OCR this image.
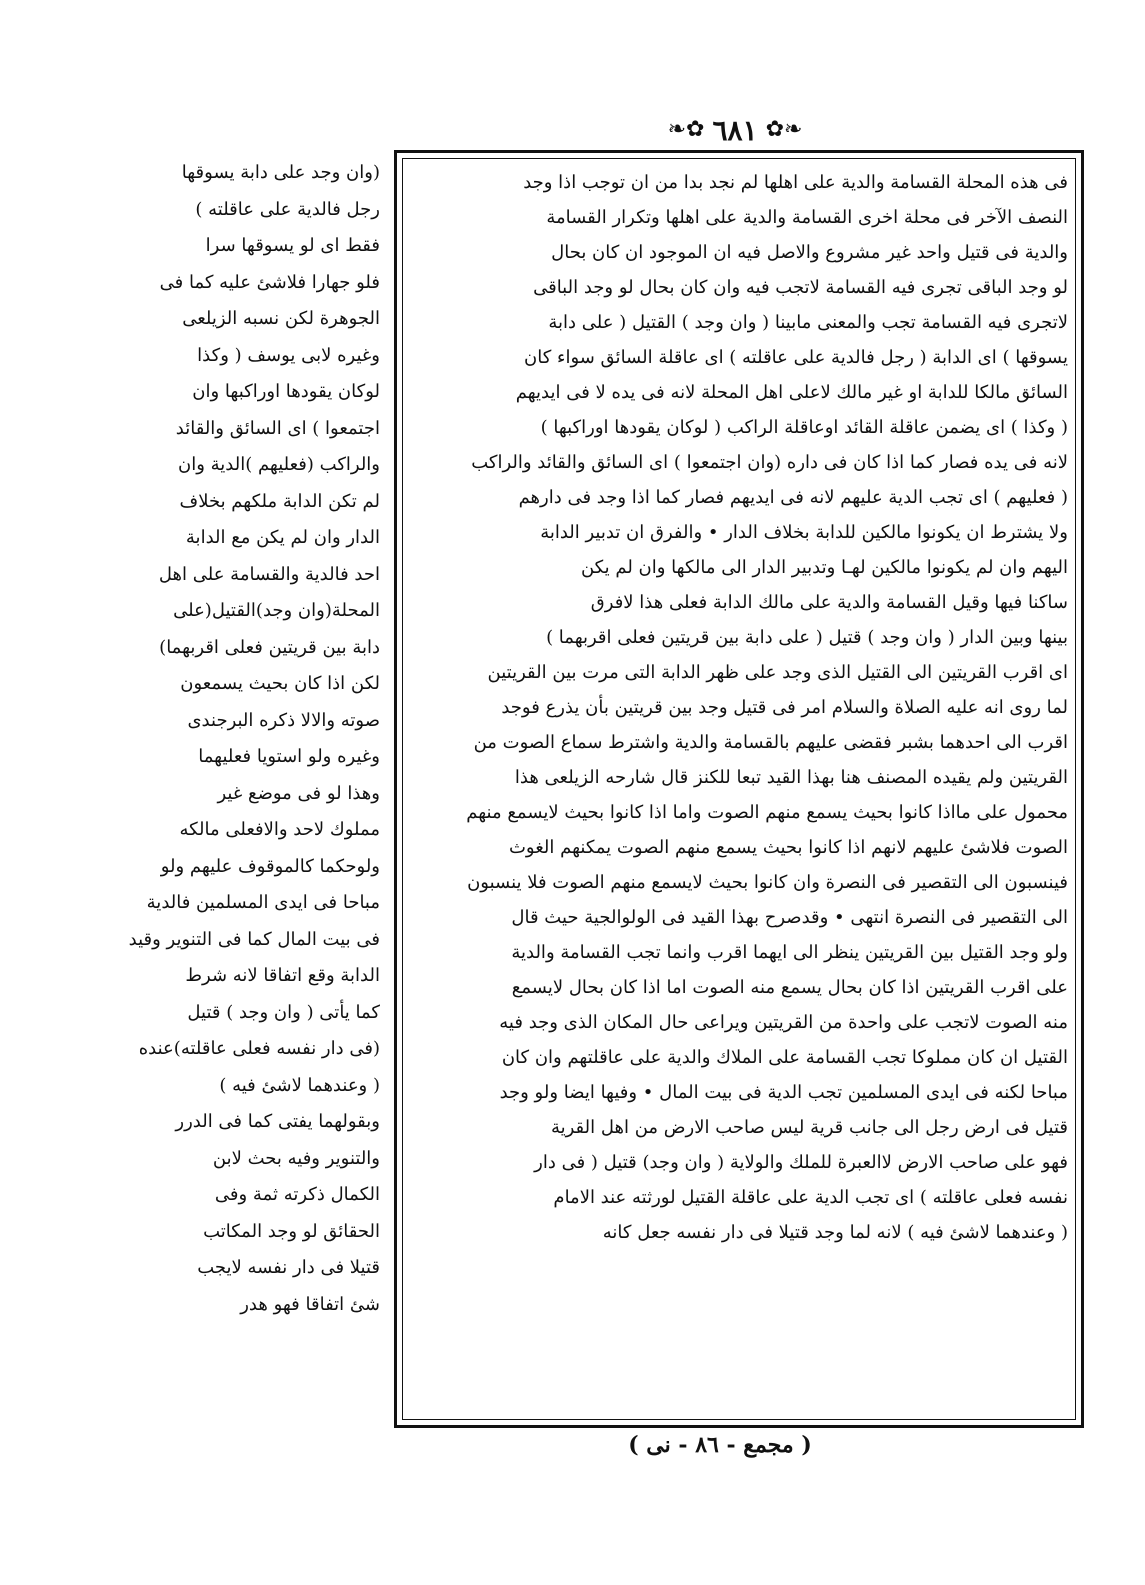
❧✿ ٦٨١ ✿❧
فى هذه المحلة القسامة والدية على اهلها لم نجد بدا من ان توجب اذا وجد
النصف الآخر فى محلة اخرى القسامة والدية على اهلها وتكرار القسامة
والدية فى قتيل واحد غير مشروع والاصل فيه ان الموجود ان كان بحال
لو وجد الباقى تجرى فيه القسامة لاتجب فيه وان كان بحال لو وجد الباقى
لاتجرى فيه القسامة تجب والمعنى مابينا ( وان وجد ) القتيل ( على دابة
يسوقها ) اى الدابة ( رجل فالدية على عاقلته ) اى عاقلة السائق سواء كان
السائق مالكا للدابة او غير مالك لاعلى اهل المحلة لانه فى يده لا فى ايديهم
( وكذا ) اى يضمن عاقلة القائد اوعاقلة الراكب ( لوكان يقودها اوراكبها )
لانه فى يده فصار كما اذا كان فى داره (وان اجتمعوا ) اى السائق والقائد والراكب
( فعليهم ) اى تجب الدية عليهم لانه فى ايديهم فصار كما اذا وجد فى دارهم
ولا يشترط ان يكونوا مالكين للدابة بخلاف الدار • والفرق ان تدبير الدابة
اليهم وان لم يكونوا مالكين لهـا وتدبير الدار الى مالكها وان لم يكن
ساكنا فيها وقيل القسامة والدية على مالك الدابة فعلى هذا لافرق
بينها وبين الدار ( وان وجد ) قتيل ( على دابة بين قريتين فعلى اقربهما )
اى اقرب القريتين الى القتيل الذى وجد على ظهر الدابة التى مرت بين القريتين
لما روى انه عليه الصلاة والسلام امر فى قتيل وجد بين قريتين بأن يذرع فوجد
اقرب الى احدهما بشبر فقضى عليهم بالقسامة والدية واشترط سماع الصوت من
القريتين ولم يقيده المصنف هنا بهذا القيد تبعا للكنز قال شارحه الزيلعى هذا
محمول على مااذا كانوا بحيث يسمع منهم الصوت واما اذا كانوا بحيث لايسمع منهم
الصوت فلاشئ عليهم لانهم اذا كانوا بحيث يسمع منهم الصوت يمكنهم الغوث
فينسبون الى التقصير فى النصرة وان كانوا بحيث لايسمع منهم الصوت فلا ينسبون
الى التقصير فى النصرة انتهى • وقدصرح بهذا القيد فى الولوالجية حيث قال
ولو وجد القتيل بين القريتين ينظر الى ايهما اقرب وانما تجب القسامة والدية
على اقرب القريتين اذا كان بحال يسمع منه الصوت اما اذا كان بحال لايسمع
منه الصوت لاتجب على واحدة من القريتين ويراعى حال المكان الذى وجد فيه
القتيل ان كان مملوكا تجب القسامة على الملاك والدية على عاقلتهم وان كان
مباحا لكنه فى ايدى المسلمين تجب الدية فى بيت المال • وفيها ايضا ولو وجد
قتيل فى ارض رجل الى جانب قرية ليس صاحب الارض من اهل القرية
فهو على صاحب الارض لاالعبرة للملك والولاية ( وان وجد) قتيل ( فى دار
نفسه فعلى عاقلته ) اى تجب الدية على عاقلة القتيل لورثته عند الامام
( وعندهما لاشئ فيه ) لانه لما وجد قتيلا فى دار نفسه جعل كانه
(وان وجد على دابة يسوقها
رجل فالدية على عاقلته )
فقط اى لو يسوقها سرا
فلو جهارا فلاشئ عليه كما فى
الجوهرة لكن نسبه الزيلعى
وغيره لابى يوسف ( وكذا
لوكان يقودها اوراكبها وان
اجتمعوا ) اى السائق والقائد
والراكب (فعليهم )الدية وان
لم تكن الدابة ملكهم بخلاف
الدار وان لم يكن مع الدابة
احد فالدية والقسامة على اهل
المحلة(وان وجد)القتيل(على
دابة بين قريتين فعلى اقربهما)
لكن اذا كان بحيث يسمعون
صوته والالا ذكره البرجندى
وغيره ولو استويا فعليهما
وهذا لو فى موضع غير
مملوك لاحد والافعلى مالكه
ولوحكما كالموقوف عليهم ولو
مباحا فى ايدى المسلمين فالدية
فى بيت المال كما فى التنوير وقيد
الدابة وقع اتفاقا لانه شرط
كما يأتى ( وان وجد ) قتيل
(فى دار نفسه فعلى عاقلته)عنده
( وعندهما لاشئ فيه )
وبقولهما يفتى كما فى الدرر
والتنوير وفيه بحث لابن
الكمال ذكرته ثمة وفى
الحقائق لو وجد المكاتب
قتيلا فى دار نفسه لايجب
شئ اتفاقا فهو هدر
( مجمع - ٨٦ - نى )
